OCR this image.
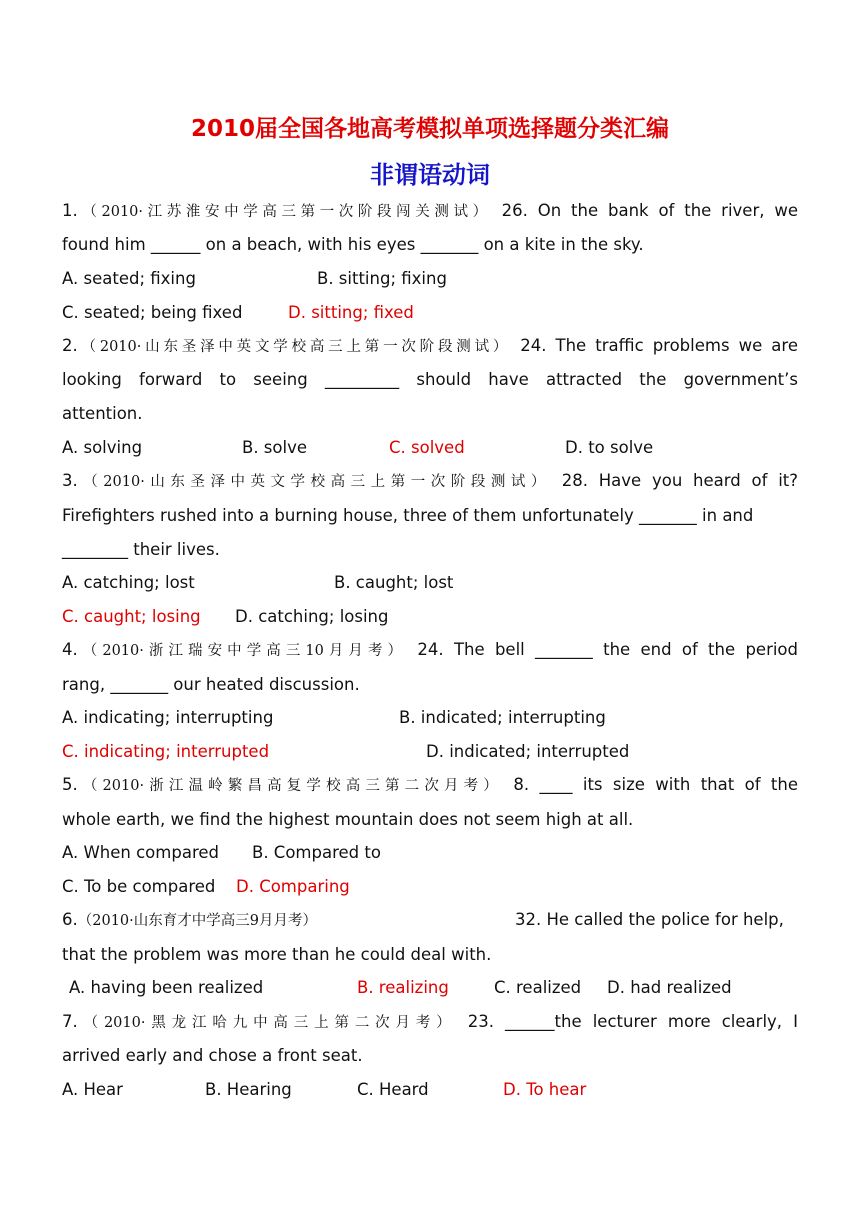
2010届全国各地高考模拟单项选择题分类汇编
非谓语动词
1.（2010·江苏淮安中学高三第一次阶段闯关测试） 26. On the bank of the river, we
found him ______ on a beach, with his eyes _______ on a kite in the sky.
A. seated; fixing	B. sitting; fixing
C. seated; being fixed	D. sitting; fixed
2.（2010·山东圣泽中英文学校高三上第一次阶段测试） 24. The traffic problems we are
looking forward to seeing _________ should have attracted the government’s
attention.
A. solving	B. solve	C. solved	D. to solve
3.（2010·山东圣泽中英文学校高三上第一次阶段测试） 28. Have you heard of it?
Firefighters rushed into a burning house, three of them unfortunately _______ in and
________ their lives.
A. catching; lost	B. caught; lost
C. caught; losing D. catching; losing
4.（2010·浙江瑞安中学高三10月月考） 24. The bell _______ the end of the period
rang, _______ our heated discussion.
A. indicating; interrupting	B. indicated; interrupting
C. indicating; interrupted	D. indicated; interrupted
5.（2010·浙江温岭繁昌高复学校高三第二次月考） 8. ____ its size with that of the
whole earth, we find the highest mountain does not seem high at all.
A. When compared B. Compared to
C. To be compared D. Comparing
6.（2010·山东育才中学高三9月月考）	32. He called the police for help,
that the problem was more than he could deal with.
A. having been realized	B. realizing	C. realized D. had realized
7.（2010·黑龙江哈九中高三上第二次月考） 23. ______the lecturer more clearly, I
arrived early and chose a front seat.
A. Hear	B. Hearing	C. Heard	D. To hear
